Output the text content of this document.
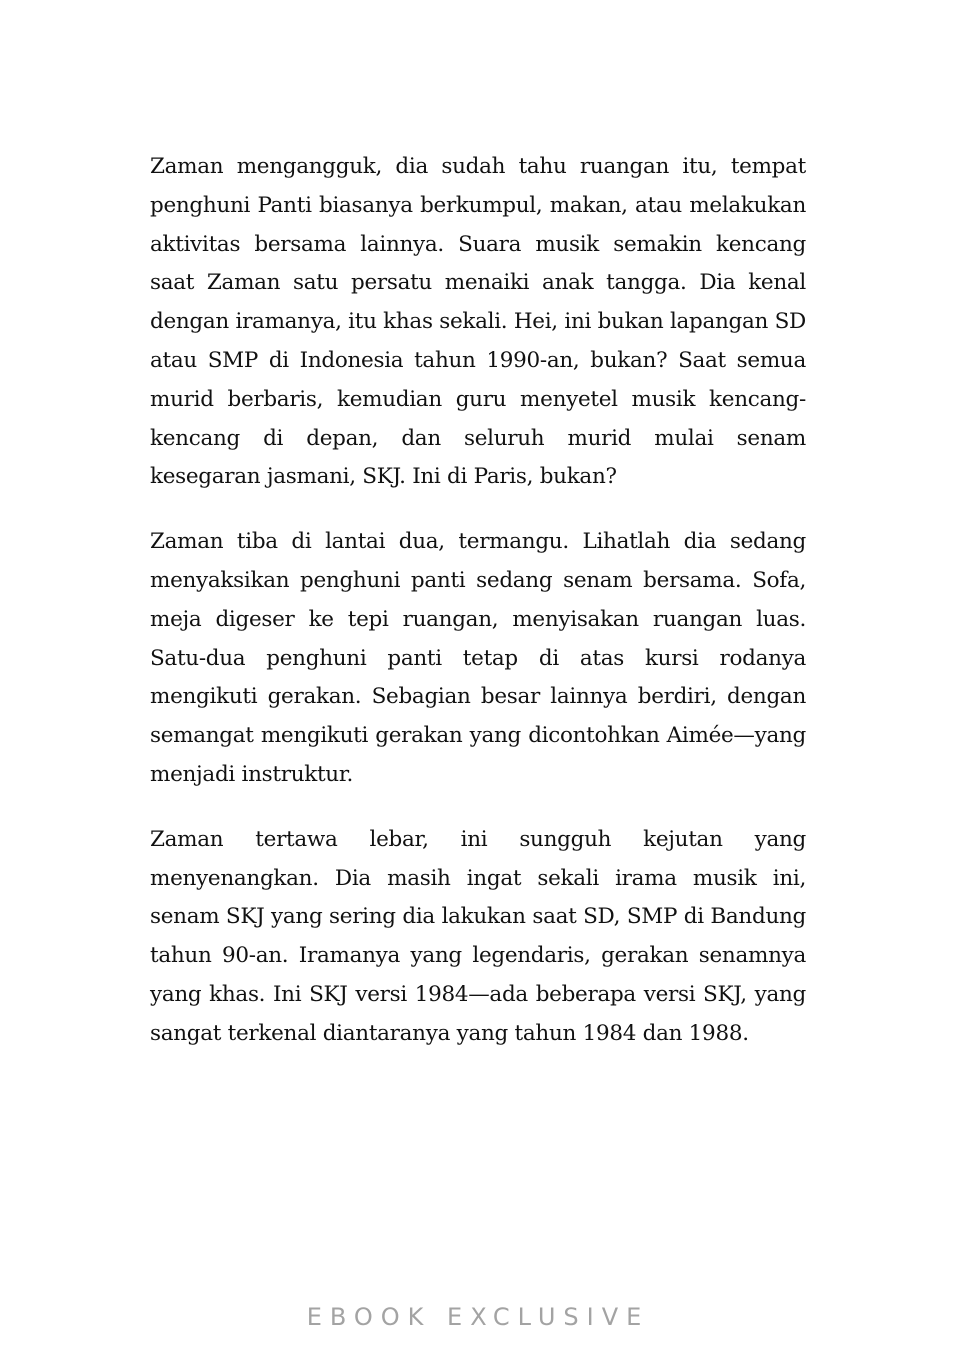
Zaman mengangguk, dia sudah tahu ruangan itu, tempat penghuni Panti biasanya berkumpul, makan, atau melakukan aktivitas bersama lainnya. Suara musik semakin kencang saat Zaman satu persatu menaiki anak tangga. Dia kenal dengan iramanya, itu khas sekali. Hei, ini bukan lapangan SD atau SMP di Indonesia tahun 1990-an, bukan? Saat semua murid berbaris, kemudian guru menyetel musik kencang-kencang di depan, dan seluruh murid mulai senam kesegaran jasmani, SKJ. Ini di Paris, bukan?

Zaman tiba di lantai dua, termangu. Lihatlah dia sedang menyaksikan penghuni panti sedang senam bersama. Sofa, meja digeser ke tepi ruangan, menyisakan ruangan luas. Satu-dua penghuni panti tetap di atas kursi rodanya mengikuti gerakan. Sebagian besar lainnya berdiri, dengan semangat mengikuti gerakan yang dicontohkan Aimée—yang menjadi instruktur.

Zaman tertawa lebar, ini sungguh kejutan yang menyenangkan. Dia masih ingat sekali irama musik ini, senam SKJ yang sering dia lakukan saat SD, SMP di Bandung tahun 90-an. Iramanya yang legendaris, gerakan senamnya yang khas. Ini SKJ versi 1984—ada beberapa versi SKJ, yang sangat terkenal diantaranya yang tahun 1984 dan 1988.

EBOOK EXCLUSIVE
